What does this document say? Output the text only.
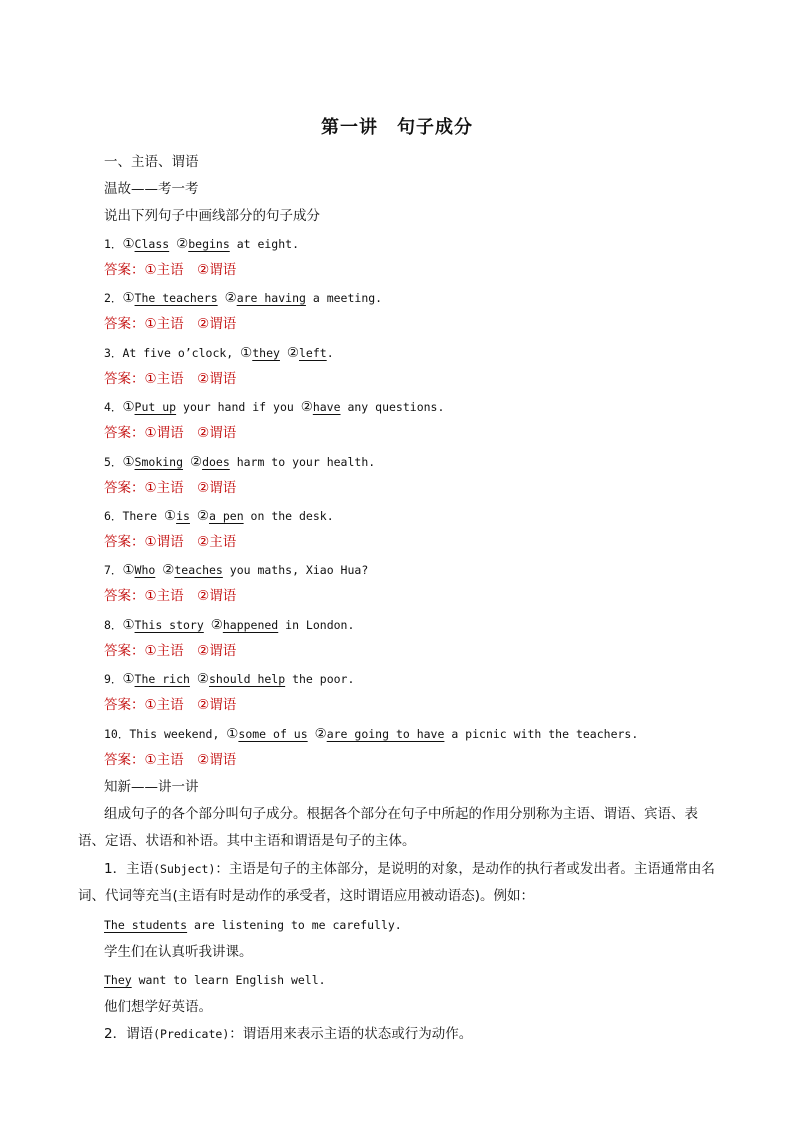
第一讲　句子成分
一、主语、谓语
温故——考一考
说出下列句子中画线部分的句子成分
1．①Class ②begins at eight.
答案：①主语　②谓语
2．①The teachers ②are having a meeting.
答案：①主语　②谓语
3．At five o’clock, ①they ②left.
答案：①主语　②谓语
4．①Put up your hand if you ②have any questions.
答案：①谓语　②谓语
5．①Smoking ②does harm to your health.
答案：①主语　②谓语
6．There ①is ②a pen on the desk.
答案：①谓语　②主语
7．①Who ②teaches you maths, Xiao Hua?
答案：①主语　②谓语
8．①This story ②happened in London.
答案：①主语　②谓语
9．①The rich ②should help the poor.
答案：①主语　②谓语
10．This weekend, ①some of us ②are going to have a picnic with the teachers.
答案：①主语　②谓语
知新——讲一讲
组成句子的各个部分叫句子成分。根据各个部分在句子中所起的作用分别称为主语、谓语、宾语、表语、定语、状语和补语。其中主语和谓语是句子的主体。
1．主语(Subject)：主语是句子的主体部分，是说明的对象，是动作的执行者或发出者。主语通常由名词、代词等充当(主语有时是动作的承受者，这时谓语应用被动语态)。例如：
The students are listening to me carefully.
学生们在认真听我讲课。
They want to learn English well.
他们想学好英语。
2．谓语(Predicate)：谓语用来表示主语的状态或行为动作。
